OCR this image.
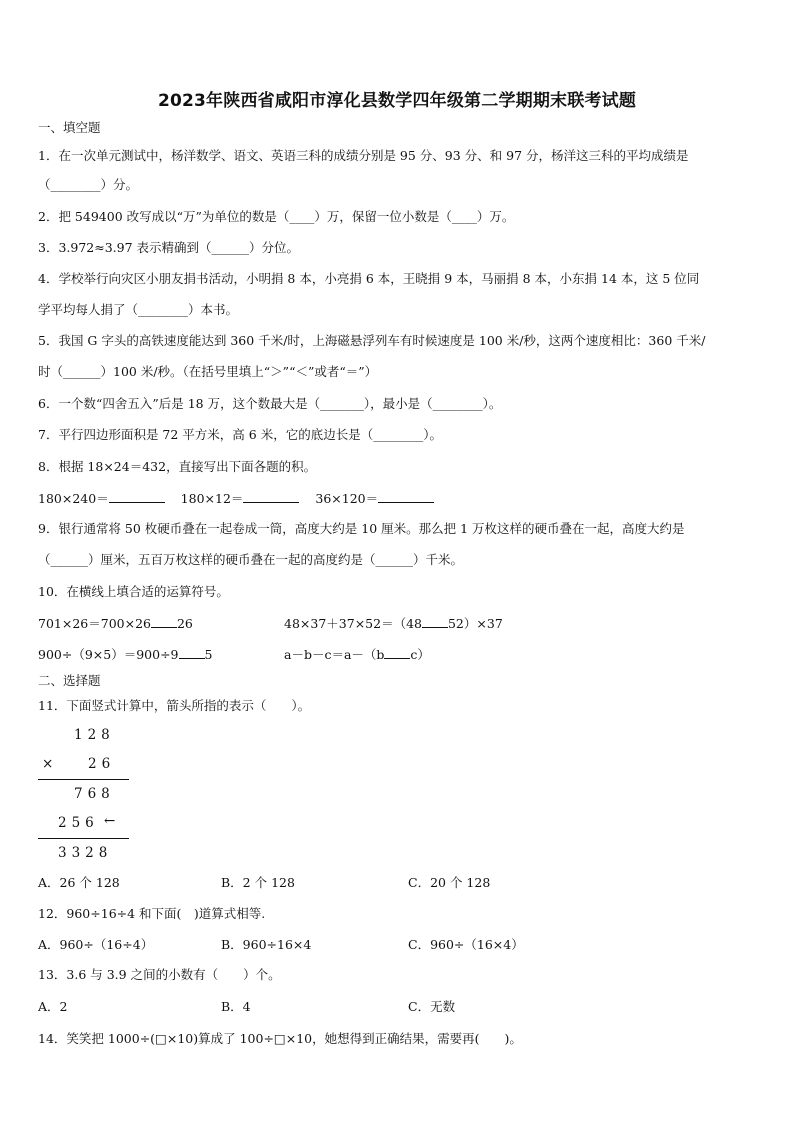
2023年陕西省咸阳市淳化县数学四年级第二学期期末联考试题
一、填空题
1．在一次单元测试中，杨洋数学、语文、英语三科的成绩分别是 95 分、93 分、和 97 分，杨洋这三科的平均成绩是
（________）分。
2．把 549400 改写成以“万”为单位的数是（____）万，保留一位小数是（____）万。
3．3.972≈3.97 表示精确到（______）分位。
4．学校举行向灾区小朋友捐书活动，小明捐 8 本，小亮捐 6 本，王晓捐 9 本，马丽捐 8 本，小东捐 14 本，这 5 位同
学平均每人捐了（________）本书。
5．我国 G 字头的高铁速度能达到 360 千米/时，上海磁悬浮列车有时候速度是 100 米/秒，这两个速度相比：360 千米/
时（______）100 米/秒。（在括号里填上“＞”“＜”或者“＝”）
6．一个数“四舍五入”后是 18 万，这个数最大是（_______），最小是（________）。
7．平行四边形面积是 72 平方米，高 6 米，它的底边长是（________）。
8．根据 18×24＝432，直接写出下面各题的积。
180×240＝	180×12＝	36×120＝
9．银行通常将 50 枚硬币叠在一起卷成一筒，高度大约是 10 厘米。那么把 1 万枚这样的硬币叠在一起，高度大约是
（______）厘米，五百万枚这样的硬币叠在一起的高度约是（______）千米。
10．在横线上填合适的运算符号。
701×26＝700×26 26	48×37＋37×52＝（48 52）×37
900÷（9×5）＝900÷9 5	a－b－c＝a－（b c）
二、选择题
11．下面竖式计算中，箭头所指的表示（　　）。
128
× 26
768
256 ←
3328
A．26 个 128	B．2 个 128	C．20 个 128
12．960÷16÷4 和下面(　)道算式相等.
A．960÷（16÷4）	B．960÷16×4	C．960÷（16×4）
13．3.6 与 3.9 之间的小数有（　　）个。
A．2	B．4	C．无数
14．笑笑把 1000÷(□×10)算成了 100÷□×10，她想得到正确结果，需要再(　　)。
